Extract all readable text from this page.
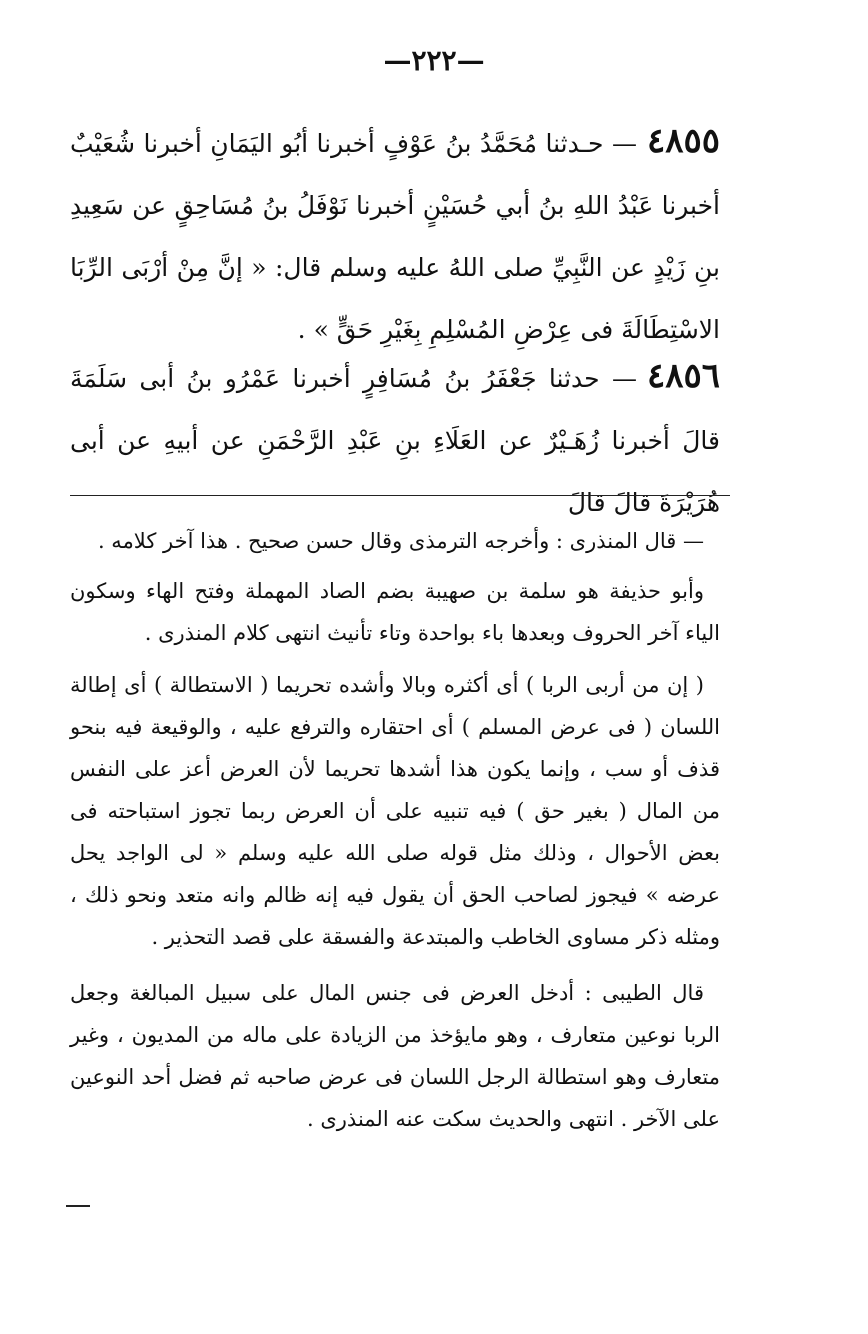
—٢٢٢—
٤٨٥٥— حـدثنا مُحَمَّدُ بنُ عَوْفٍ أخبرنا أبُو اليَمَانِ أخبرنا شُعَيْبٌ أخبرنا عَبْدُ اللهِ بنُ أبي حُسَيْنٍ أخبرنا نَوْفَلُ بنُ مُسَاحِقٍ عن سَعِيدِ بنِ زَيْدٍ عن النَّبِيِّ صلى اللهُ عليه وسلم قال: « إنَّ مِنْ أرْبَى الرِّبَا الاسْتِطَالَةَ فى عِرْضِ المُسْلِمِ بِغَيْرِ حَقٍّ » .
٤٨٥٦— حدثنا جَعْفَرُ بنُ مُسَافِرٍ أخبرنا عَمْرُو بنُ أبى سَلَمَةَ قالَ أخبرنا زُهَـيْرٌ عن العَلَاءِ بنِ عَبْدِ الرَّحْمَنِ عن أبيهِ عن أبى هُرَيْرَةَ قالَ قالَ

— قال المنذرى : وأخرجه الترمذى وقال حسن صحيح . هذا آخر كلامه .

وأبو حذيفة هو سلمة بن صهيبة بضم الصاد المهملة وفتح الهاء وسكون الياء آخر الحروف وبعدها باء بواحدة وتاء تأنيث انتهى كلام المنذرى .

( إن من أربى الربا ) أى أكثره وبالا وأشده تحريما ( الاستطالة ) أى إطالة اللسان ( فى عرض المسلم ) أى احتقاره والترفع عليه ، والوقيعة فيه بنحو قذف أو سب ، وإنما يكون هذا أشدها تحريما لأن العرض أعز على النفس من المال ( بغير حق ) فيه تنبيه على أن العرض ربما تجوز استباحته فى بعض الأحوال ، وذلك مثل قوله صلى الله عليه وسلم « لى الواجد يحل عرضه » فيجوز لصاحب الحق أن يقول فيه إنه ظالم وانه متعد ونحو ذلك ، ومثله ذكر مساوى الخاطب والمبتدعة والفسقة على قصد التحذير .

قال الطيبى : أدخل العرض فى جنس المال على سبيل المبالغة وجعل الربا نوعين متعارف ، وهو مايؤخذ من الزيادة على ماله من المديون ، وغير متعارف وهو استطالة الرجل اللسان فى عرض صاحبه ثم فضل أحد النوعين على الآخر . انتهى والحديث سكت عنه المنذرى .
